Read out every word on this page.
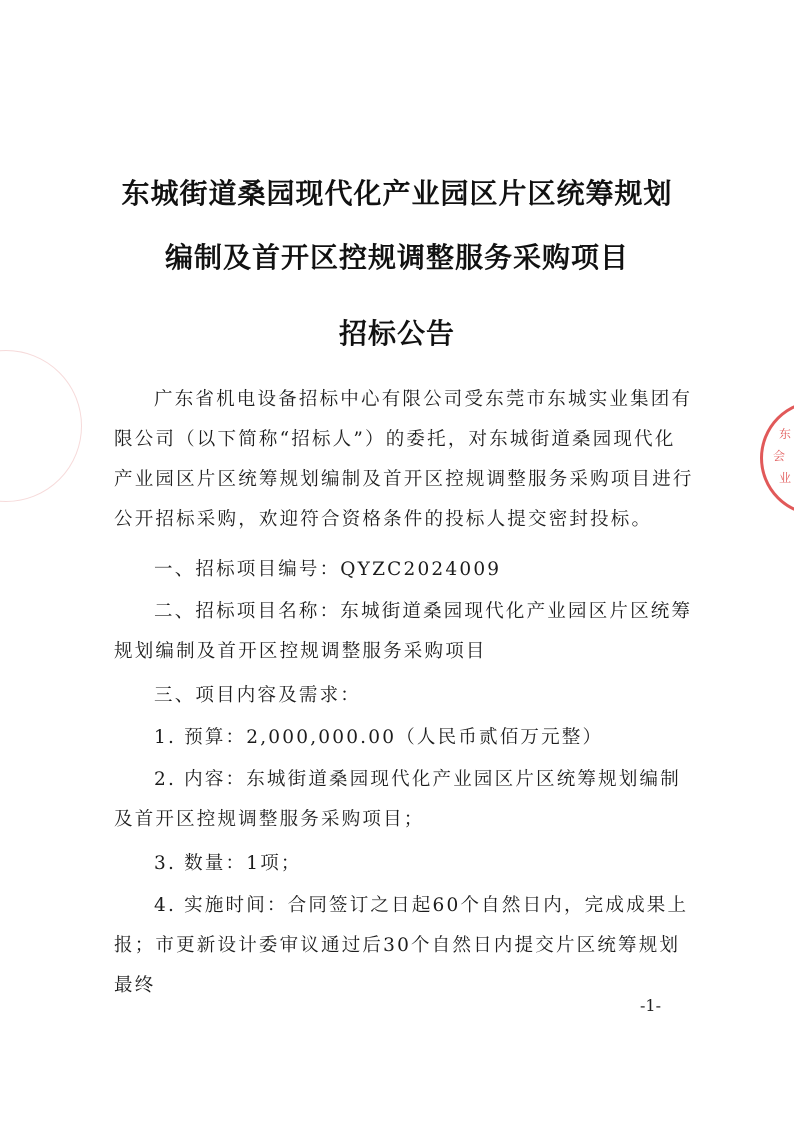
东
会
业
东城街道桑园现代化产业园区片区统筹规划
编制及首开区控规调整服务采购项目
招标公告
广东省机电设备招标中心有限公司受东莞市东城实业集团有限公司（以下简称“招标人”）的委托，对东城街道桑园现代化产业园区片区统筹规划编制及首开区控规调整服务采购项目进行公开招标采购，欢迎符合资格条件的投标人提交密封投标。
一、招标项目编号：QYZC2024009
二、招标项目名称：东城街道桑园现代化产业园区片区统筹规划编制及首开区控规调整服务采购项目
三、项目内容及需求：
1. 预算：2,000,000.00（人民币贰佰万元整）
2. 内容：东城街道桑园现代化产业园区片区统筹规划编制及首开区控规调整服务采购项目；
3. 数量：1项；
4. 实施时间：合同签订之日起60个自然日内，完成成果上报；市更新设计委审议通过后30个自然日内提交片区统筹规划最终
-1-
